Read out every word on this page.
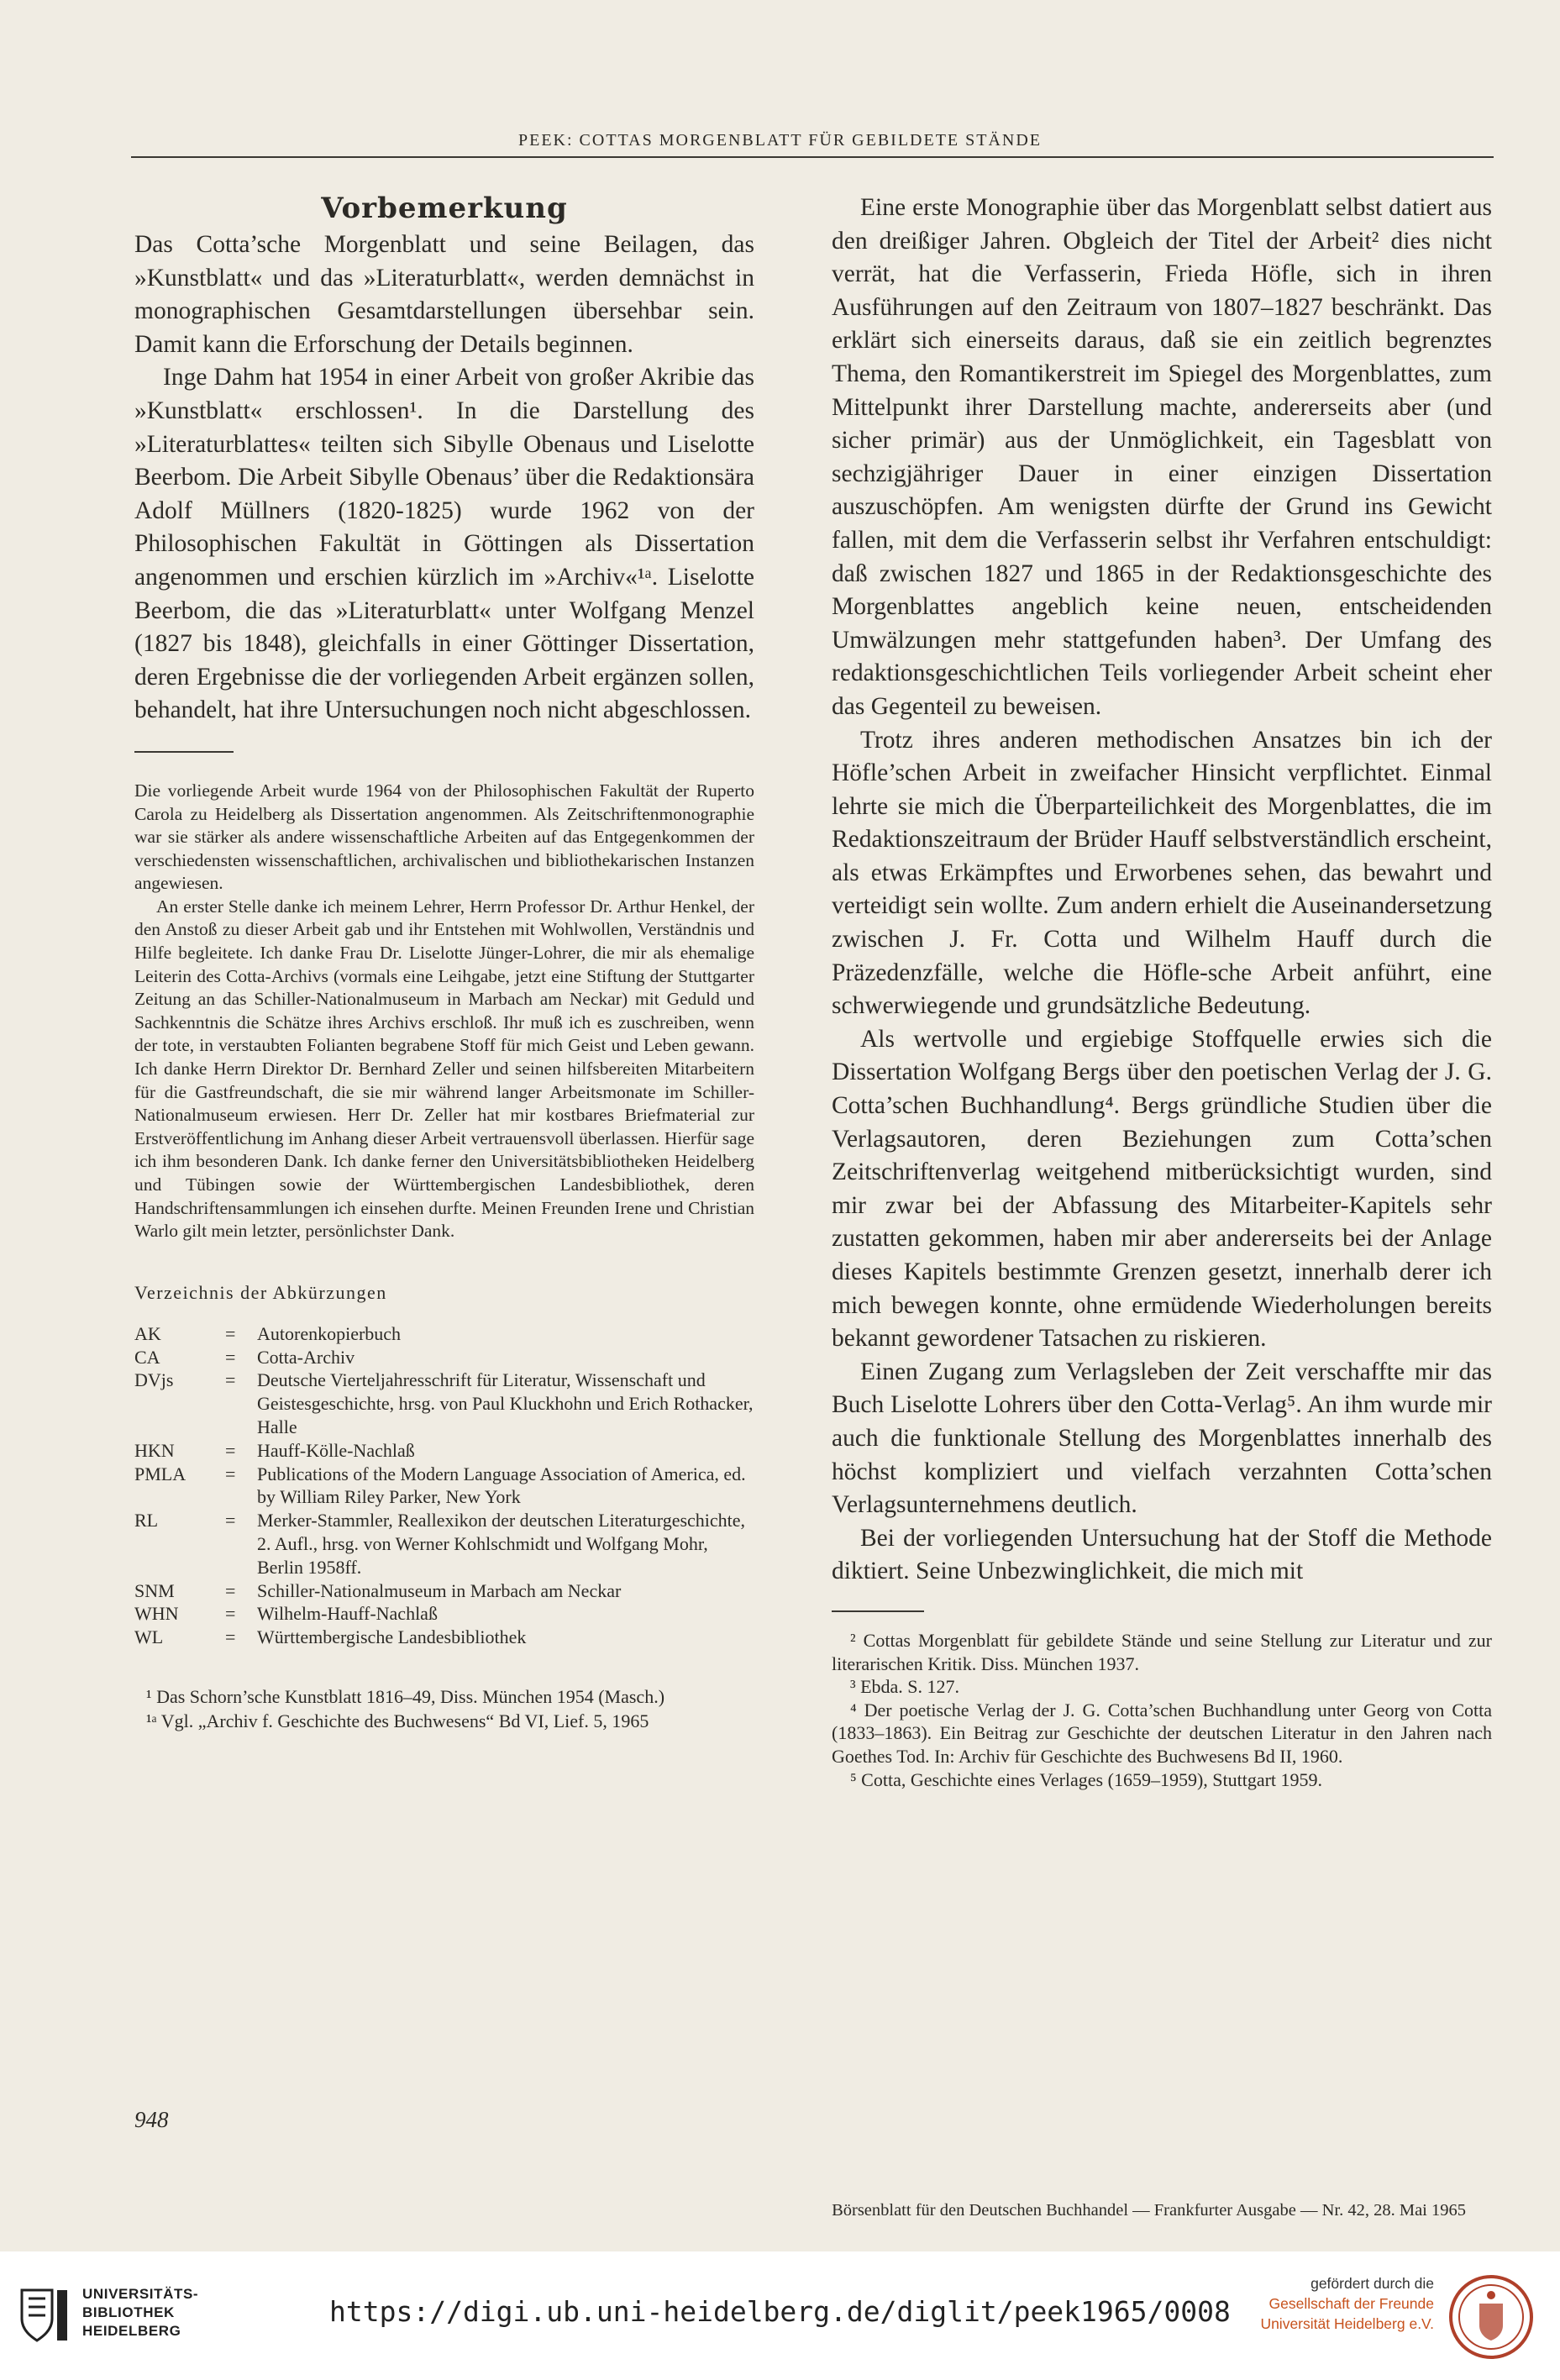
PEEK: COTTAS MORGENBLATT FÜR GEBILDETE STÄNDE
Vorbemerkung

Das Cotta’sche Morgenblatt und seine Beilagen, das »Kunstblatt« und das »Literaturblatt«, werden demnächst in monographischen Gesamtdarstellungen übersehbar sein. Damit kann die Erforschung der Details beginnen.

Inge Dahm hat 1954 in einer Arbeit von großer Akribie das »Kunstblatt« erschlossen¹. In die Darstellung des »Literaturblattes« teilten sich Sibylle Obenaus und Liselotte Beerbom. Die Arbeit Sibylle Obenaus’ über die Redaktionsära Adolf Müllners (1820-1825) wurde 1962 von der Philosophischen Fakultät in Göttingen als Dissertation angenommen und erschien kürzlich im »Archiv«¹ᵃ. Liselotte Beerbom, die das »Literaturblatt« unter Wolfgang Menzel (1827 bis 1848), gleichfalls in einer Göttinger Dissertation, deren Ergebnisse die der vorliegenden Arbeit ergänzen sollen, behandelt, hat ihre Untersuchungen noch nicht abgeschlossen.

Die vorliegende Arbeit wurde 1964 von der Philosophischen Fakultät der Ruperto Carola zu Heidelberg als Dissertation angenommen. Als Zeitschriftenmonographie war sie stärker als andere wissenschaftliche Arbeiten auf das Entgegenkommen der verschiedensten wissenschaftlichen, archivalischen und bibliothekarischen Instanzen angewiesen.

An erster Stelle danke ich meinem Lehrer, Herrn Professor Dr. Arthur Henkel, der den Anstoß zu dieser Arbeit gab und ihr Entstehen mit Wohlwollen, Verständnis und Hilfe begleitete. Ich danke Frau Dr. Liselotte Jünger-Lohrer, die mir als ehemalige Leiterin des Cotta-Archivs (vormals eine Leihgabe, jetzt eine Stiftung der Stuttgarter Zeitung an das Schiller-Nationalmuseum in Marbach am Neckar) mit Geduld und Sachkenntnis die Schätze ihres Archivs erschloß. Ihr muß ich es zuschreiben, wenn der tote, in verstaubten Folianten begrabene Stoff für mich Geist und Leben gewann. Ich danke Herrn Direktor Dr. Bernhard Zeller und seinen hilfsbereiten Mitarbeitern für die Gastfreundschaft, die sie mir während langer Arbeitsmonate im Schiller-Nationalmuseum erwiesen. Herr Dr. Zeller hat mir kostbares Briefmaterial zur Erstveröffentlichung im Anhang dieser Arbeit vertrauensvoll überlassen. Hierfür sage ich ihm besonderen Dank. Ich danke ferner den Universitätsbibliotheken Heidelberg und Tübingen sowie der Württembergischen Landesbibliothek, deren Handschriftensammlungen ich einsehen durfte. Meinen Freunden Irene und Christian Warlo gilt mein letzter, persönlichster Dank.

Verzeichnis der Abkürzungen
AK	=	Autorenkopierbuch
CA	=	Cotta-Archiv
DVjs	=	Deutsche Vierteljahresschrift für Literatur, Wissenschaft und Geistesgeschichte, hrsg. von Paul Kluckhohn und Erich Rothacker, Halle
HKN	=	Hauff-Kölle-Nachlaß
PMLA	=	Publications of the Modern Language Association of America, ed. by William Riley Parker, New York
RL	=	Merker-Stammler, Reallexikon der deutschen Literaturgeschichte, 2. Aufl., hrsg. von Werner Kohlschmidt und Wolfgang Mohr, Berlin 1958ff.
SNM	=	Schiller-Nationalmuseum in Marbach am Neckar
WHN	=	Wilhelm-Hauff-Nachlaß
WL	=	Württembergische Landesbibliothek

¹ Das Schorn’sche Kunstblatt 1816–49, Diss. München 1954 (Masch.)

¹ᵃ Vgl. „Archiv f. Geschichte des Buchwesens“ Bd VI, Lief. 5, 1965

Eine erste Monographie über das Morgenblatt selbst datiert aus den dreißiger Jahren. Obgleich der Titel der Arbeit² dies nicht verrät, hat die Verfasserin, Frieda Höfle, sich in ihren Ausführungen auf den Zeitraum von 1807–1827 beschränkt. Das erklärt sich einerseits daraus, daß sie ein zeitlich begrenztes Thema, den Romantikerstreit im Spiegel des Morgenblattes, zum Mittelpunkt ihrer Darstellung machte, andererseits aber (und sicher primär) aus der Unmöglichkeit, ein Tagesblatt von sechzigjähriger Dauer in einer einzigen Dissertation auszuschöpfen. Am wenigsten dürfte der Grund ins Gewicht fallen, mit dem die Verfasserin selbst ihr Verfahren entschuldigt: daß zwischen 1827 und 1865 in der Redaktionsgeschichte des Morgenblattes angeblich keine neuen, entscheidenden Umwälzungen mehr stattgefunden haben³. Der Umfang des redaktionsgeschichtlichen Teils vorliegender Arbeit scheint eher das Gegenteil zu beweisen.

Trotz ihres anderen methodischen Ansatzes bin ich der Höfle’schen Arbeit in zweifacher Hinsicht verpflichtet. Einmal lehrte sie mich die Überparteilichkeit des Morgenblattes, die im Redaktionszeitraum der Brüder Hauff selbstverständlich erscheint, als etwas Erkämpftes und Erworbenes sehen, das bewahrt und verteidigt sein wollte. Zum andern erhielt die Auseinandersetzung zwischen J. Fr. Cotta und Wilhelm Hauff durch die Präzedenzfälle, welche die Höfle-sche Arbeit anführt, eine schwerwiegende und grundsätzliche Bedeutung.

Als wertvolle und ergiebige Stoffquelle erwies sich die Dissertation Wolfgang Bergs über den poetischen Verlag der J. G. Cotta’schen Buchhandlung⁴. Bergs gründliche Studien über die Verlagsautoren, deren Beziehungen zum Cotta’schen Zeitschriftenverlag weitgehend mitberücksichtigt wurden, sind mir zwar bei der Abfassung des Mitarbeiter-Kapitels sehr zustatten gekommen, haben mir aber andererseits bei der Anlage dieses Kapitels bestimmte Grenzen gesetzt, innerhalb derer ich mich bewegen konnte, ohne ermüdende Wiederholungen bereits bekannt gewordener Tatsachen zu riskieren.

Einen Zugang zum Verlagsleben der Zeit verschaffte mir das Buch Liselotte Lohrers über den Cotta-Verlag⁵. An ihm wurde mir auch die funktionale Stellung des Morgenblattes innerhalb des höchst kompliziert und vielfach verzahnten Cotta’schen Verlagsunternehmens deutlich.

Bei der vorliegenden Untersuchung hat der Stoff die Methode diktiert. Seine Unbezwinglichkeit, die mich mit

² Cottas Morgenblatt für gebildete Stände und seine Stellung zur Literatur und zur literarischen Kritik. Diss. München 1937.

³ Ebda. S. 127.

⁴ Der poetische Verlag der J. G. Cotta’schen Buchhandlung unter Georg von Cotta (1833–1863). Ein Beitrag zur Geschichte der deutschen Literatur in den Jahren nach Goethes Tod. In: Archiv für Geschichte des Buchwesens Bd II, 1960.

⁵ Cotta, Geschichte eines Verlages (1659–1959), Stuttgart 1959.

948
Börsenblatt für den Deutschen Buchhandel — Frankfurter Ausgabe — Nr. 42, 28. Mai 1965
UNIVERSITÄTS-
BIBLIOTHEK
HEIDELBERG
https://digi.ub.uni-heidelberg.de/diglit/peek1965/0008
gefördert durch die
Gesellschaft der Freunde
Universität Heidelberg e.V.
